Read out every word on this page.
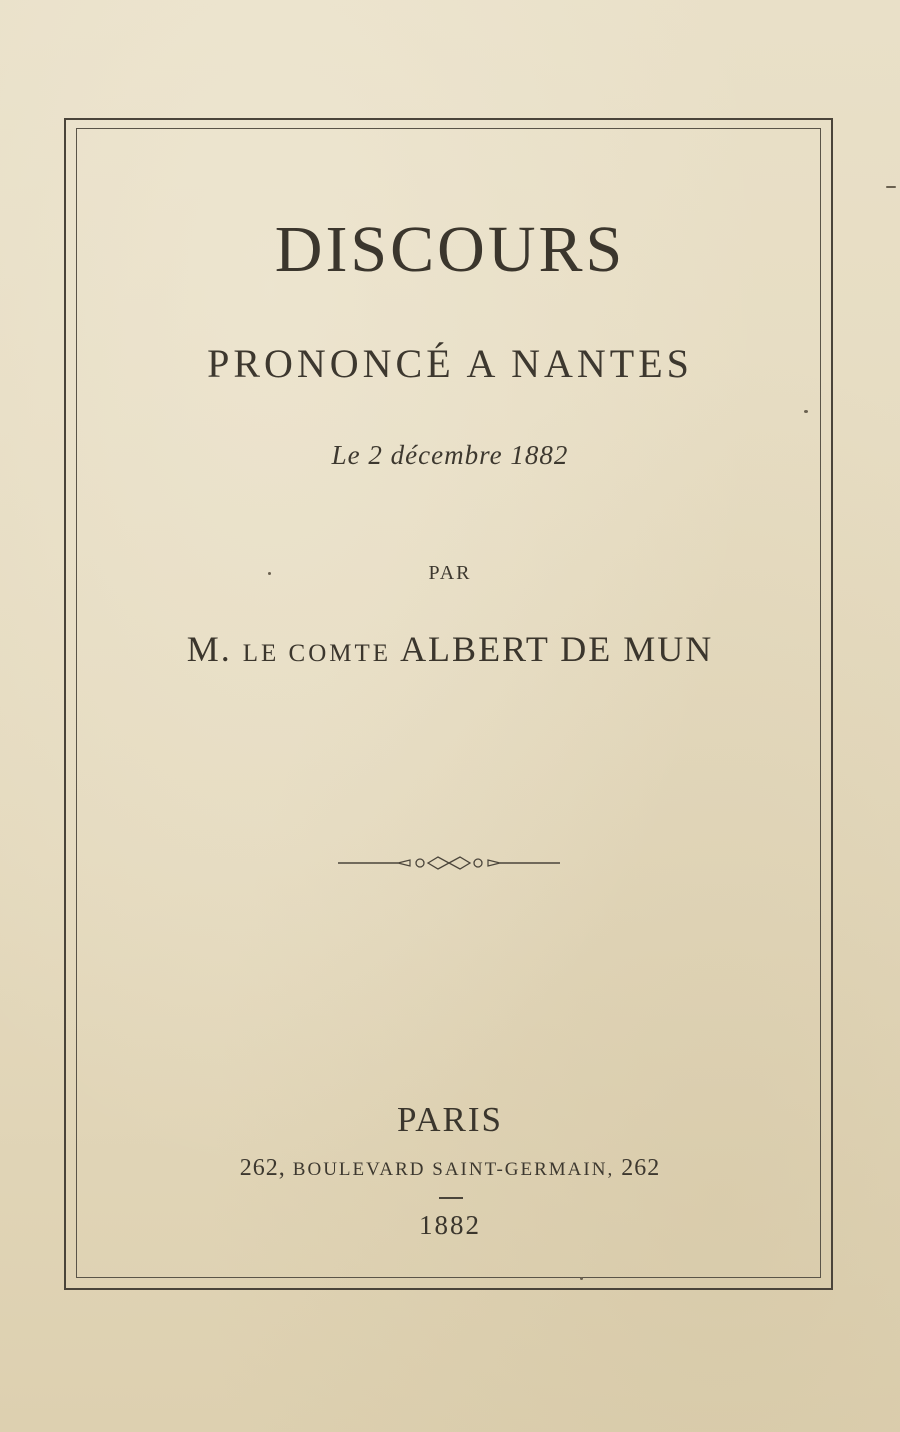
DISCOURS
PRONONCÉ A NANTES
Le 2 décembre 1882
PAR
M. LE COMTE ALBERT DE MUN
PARIS
262, BOULEVARD SAINT-GERMAIN, 262
1882
